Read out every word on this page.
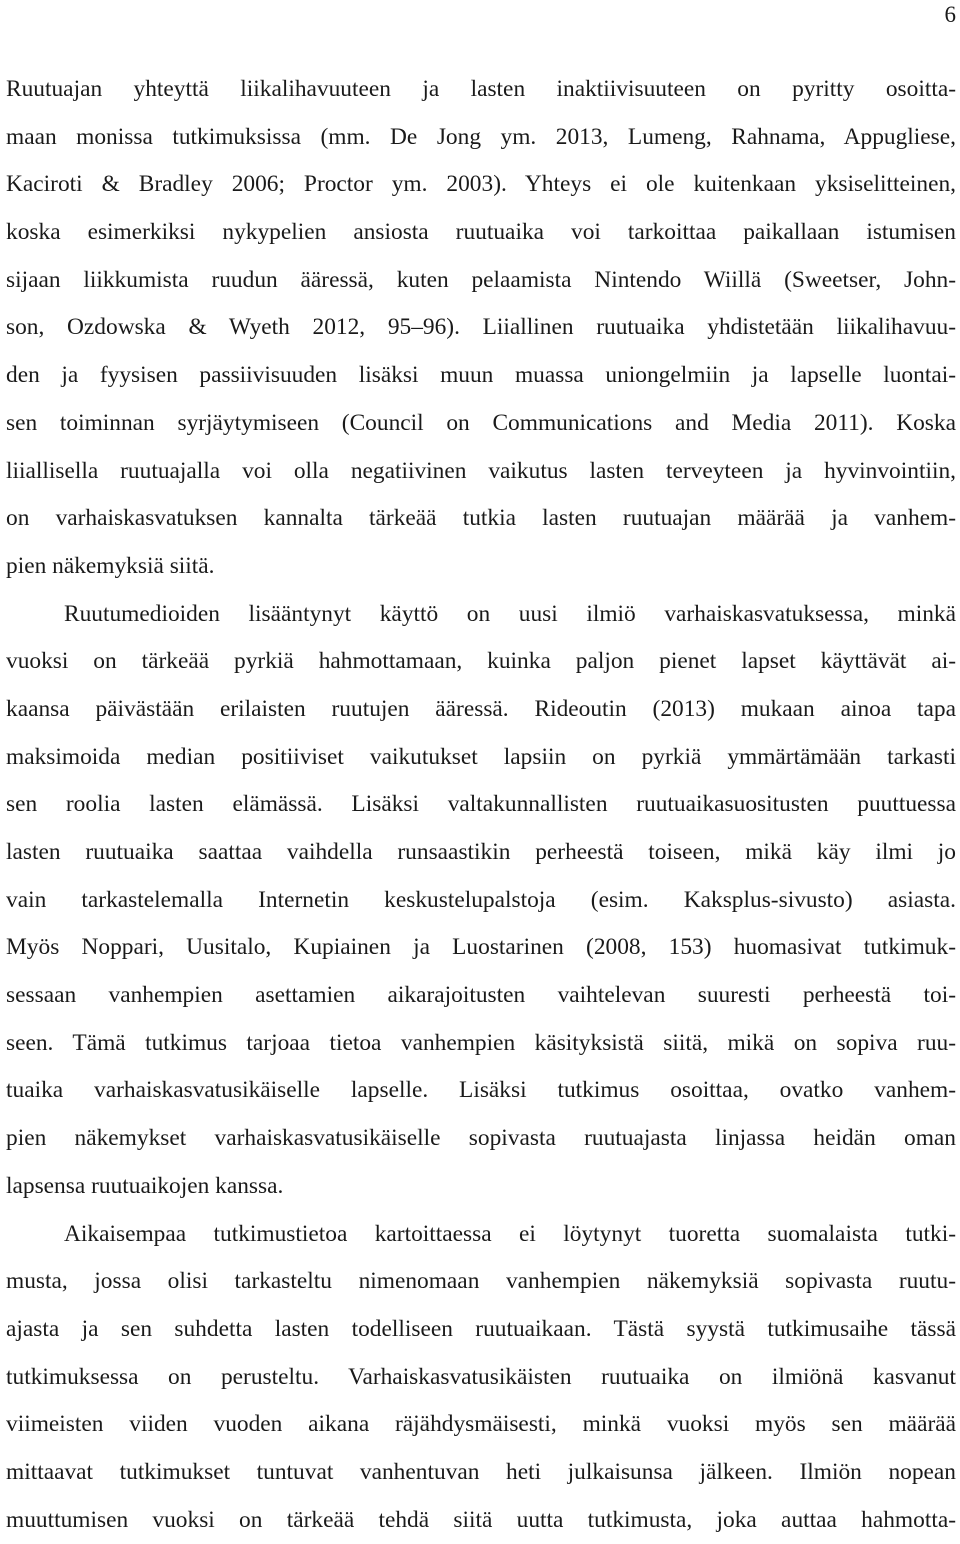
6
Ruutuajan yhteyttä liikalihavuuteen ja lasten inaktiivisuuteen on pyritty osoitta-
maan monissa tutkimuksissa (mm. De Jong ym. 2013, Lumeng, Rahnama, Appugliese,
Kaciroti & Bradley 2006; Proctor ym. 2003). Yhteys ei ole kuitenkaan yksiselitteinen,
koska esimerkiksi nykypelien ansiosta ruutuaika voi tarkoittaa paikallaan istumisen
sijaan liikkumista ruudun ääressä, kuten pelaamista Nintendo Wiillä (Sweetser, John-
son, Ozdowska & Wyeth 2012, 95–96). Liiallinen ruutuaika yhdistetään liikalihavuu-
den ja fyysisen passiivisuuden lisäksi muun muassa uniongelmiin ja lapselle luontai-
sen toiminnan syrjäytymiseen (Council on Communications and Media 2011). Koska
liiallisella ruutuajalla voi olla negatiivinen vaikutus lasten terveyteen ja hyvinvointiin,
on varhaiskasvatuksen kannalta tärkeää tutkia lasten ruutuajan määrää ja vanhem-
pien näkemyksiä siitä.
Ruutumedioiden lisääntynyt käyttö on uusi ilmiö varhaiskasvatuksessa, minkä
vuoksi on tärkeää pyrkiä hahmottamaan, kuinka paljon pienet lapset käyttävät ai-
kaansa päivästään erilaisten ruutujen ääressä. Rideoutin (2013) mukaan ainoa tapa
maksimoida median positiiviset vaikutukset lapsiin on pyrkiä ymmärtämään tarkasti
sen roolia lasten elämässä. Lisäksi valtakunnallisten ruutuaikasuositusten puuttuessa
lasten ruutuaika saattaa vaihdella runsaastikin perheestä toiseen, mikä käy ilmi jo
vain tarkastelemalla Internetin keskustelupalstoja (esim. Kaksplus-sivusto) asiasta.
Myös Noppari, Uusitalo, Kupiainen ja Luostarinen (2008, 153) huomasivat tutkimuk-
sessaan vanhempien asettamien aikarajoitusten vaihtelevan suuresti perheestä toi-
seen. Tämä tutkimus tarjoaa tietoa vanhempien käsityksistä siitä, mikä on sopiva ruu-
tuaika varhaiskasvatusikäiselle lapselle. Lisäksi tutkimus osoittaa, ovatko vanhem-
pien näkemykset varhaiskasvatusikäiselle sopivasta ruutuajasta linjassa heidän oman
lapsensa ruutuaikojen kanssa.
Aikaisempaa tutkimustietoa kartoittaessa ei löytynyt tuoretta suomalaista tutki-
musta, jossa olisi tarkasteltu nimenomaan vanhempien näkemyksiä sopivasta ruutu-
ajasta ja sen suhdetta lasten todelliseen ruutuaikaan. Tästä syystä tutkimusaihe tässä
tutkimuksessa on perusteltu. Varhaiskasvatusikäisten ruutuaika on ilmiönä kasvanut
viimeisten viiden vuoden aikana räjähdysmäisesti, minkä vuoksi myös sen määrää
mittaavat tutkimukset tuntuvat vanhentuvan heti julkaisunsa jälkeen. Ilmiön nopean
muuttumisen vuoksi on tärkeää tehdä siitä uutta tutkimusta, joka auttaa hahmotta-
